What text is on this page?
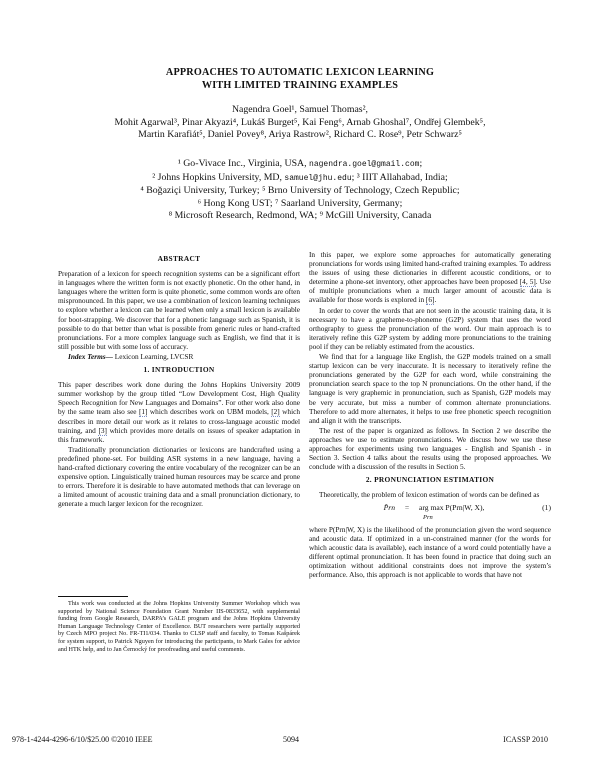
APPROACHES TO AUTOMATIC LEXICON LEARNING
WITH LIMITED TRAINING EXAMPLES
Nagendra Goel¹, Samuel Thomas²,
Mohit Agarwal³, Pinar Akyazi⁴, Lukáš Burget⁵, Kai Feng⁶, Arnab Ghoshal⁷, Ondřej Glembek⁵,
Martin Karafiát⁵, Daniel Povey⁸, Ariya Rastrow², Richard C. Rose⁹, Petr Schwarz⁵
¹ Go-Vivace Inc., Virginia, USA, nagendra.goel@gmail.com;
² Johns Hopkins University, MD, samuel@jhu.edu; ³ IIIT Allahabad, India;
⁴ Boğaziçi University, Turkey; ⁵ Brno University of Technology, Czech Republic;
⁶ Hong Kong UST; ⁷ Saarland University, Germany;
⁸ Microsoft Research, Redmond, WA; ⁹ McGill University, Canada
ABSTRACT

Preparation of a lexicon for speech recognition systems can be a significant effort in languages where the written form is not exactly phonetic. On the other hand, in languages where the written form is quite phonetic, some common words are often mispronounced. In this paper, we use a combination of lexicon learning techniques to explore whether a lexicon can be learned when only a small lexicon is available for boot-strapping. We discover that for a phonetic language such as Spanish, it is possible to do that better than what is possible from generic rules or hand-crafted pronunciations. For a more complex language such as English, we find that it is still possible but with some loss of accuracy.

Index Terms— Lexicon Learning, LVCSR

1. INTRODUCTION

This paper describes work done during the Johns Hopkins University 2009 summer workshop by the group titled “Low Development Cost, High Quality Speech Recognition for New Languages and Domains”. For other work also done by the same team also see [1] which describes work on UBM models, [2] which describes in more detail our work as it relates to cross-language acoustic model training, and [3] which provides more details on issues of speaker adaptation in this framework.

Traditionally pronunciation dictionaries or lexicons are handcrafted using a predefined phone-set. For building ASR systems in a new language, having a hand-crafted dictionary covering the entire vocabulary of the recognizer can be an expensive option. Linguistically trained human resources may be scarce and prone to errors. Therefore it is desirable to have automated methods that can leverage on a limited amount of acoustic training data and a small pronunciation dictionary, to generate a much larger lexicon for the recognizer.

This work was conducted at the Johns Hopkins University Summer Workshop which was supported by National Science Foundation Grant Number IIS-0833652, with supplemental funding from Google Research, DARPA’s GALE program and the Johns Hopkins University Human Language Technology Center of Excellence. BUT researchers were partially supported by Czech MPO project No. FR-TI1/034. Thanks to CLSP staff and faculty, to Tomas Kašpárek for system support, to Patrick Nguyen for introducing the participants, to Mark Gales for advice and HTK help, and to Jan Černocký for proofreading and useful comments.

In this paper, we explore some approaches for automatically generating pronunciations for words using limited hand-crafted training examples. To address the issues of using these dictionaries in different acoustic conditions, or to determine a phone-set inventory, other approaches have been proposed [4, 5]. Use of multiple pronunciations when a much larger amount of acoustic data is available for those words is explored in [6].

In order to cover the words that are not seen in the acoustic training data, it is necessary to have a grapheme-to-phoneme (G2P) system that uses the word orthography to guess the pronunciation of the word. Our main approach is to iteratively refine this G2P system by adding more pronunciations to the training pool if they can be reliably estimated from the acoustics.

We find that for a language like English, the G2P models trained on a small startup lexicon can be very inaccurate. It is necessary to iteratively refine the pronunciations generated by the G2P for each word, while constraining the pronunciation search space to the top N pronunciations. On the other hand, if the language is very graphemic in pronunciation, such as Spanish, G2P models may be very accurate, but miss a number of common alternate pronunciations. Therefore to add more alternates, it helps to use free phonetic speech recognition and align it with the transcripts.

The rest of the paper is organized as follows. In Section 2 we describe the approaches we use to estimate pronunciations. We discuss how we use these approaches for experiments using two languages - English and Spanish - in Section 3. Section 4 talks about the results using the proposed approaches. We conclude with a discussion of the results in Section 5.

2. PRONUNCIATION ESTIMATION

Theoretically, the problem of lexicon estimation of words can be defined as

P̂rn	=	arg max P(Prn|W, X),
Prn
(1)

where P(Prn|W, X) is the likelihood of the pronunciation given the word sequence and acoustic data. If optimized in a un-constrained manner (for the words for which acoustic data is available), each instance of a word could potentially have a different optimal pronunciation. It has been found in practice that doing such an optimization without additional constraints does not improve the system’s performance. Also, this approach is not applicable to words that have not

978-1-4244-4296-6/10/$25.00 ©2010 IEEE	5094	ICASSP 2010
